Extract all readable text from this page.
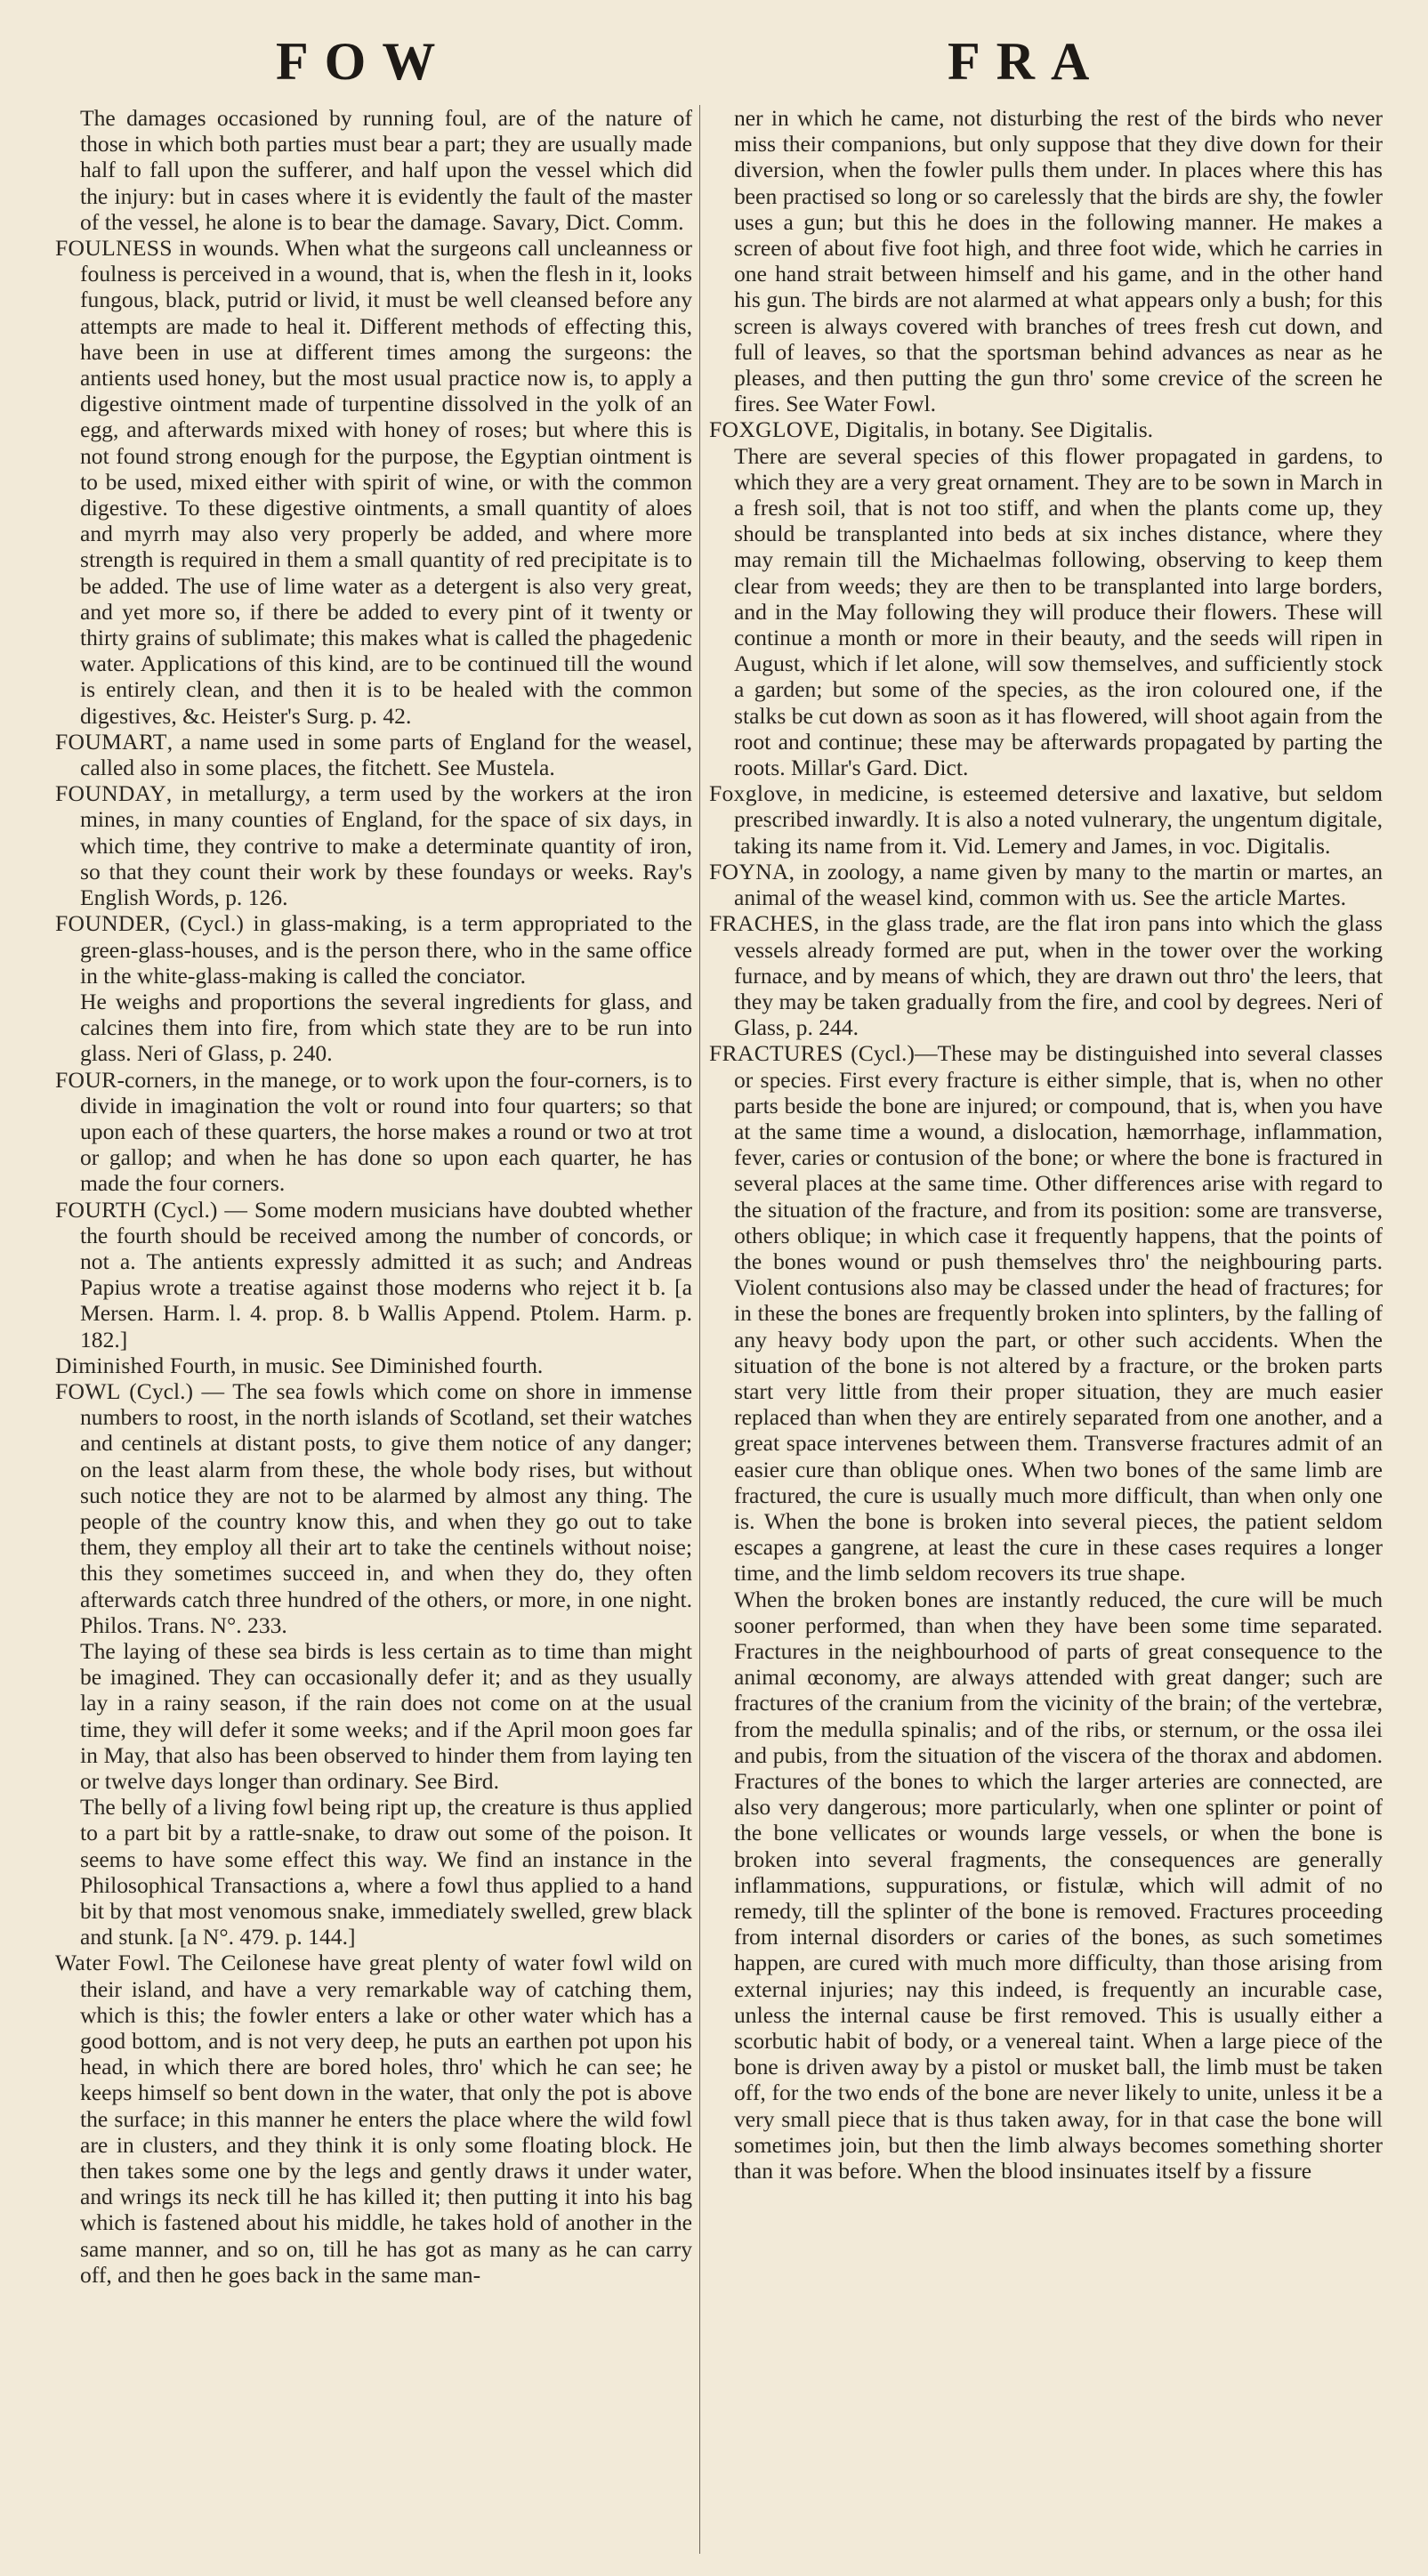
FOW	FRA

The damages occasioned by running foul, are of the nature of those in which both parties must bear a part; they are usually made half to fall upon the sufferer, and half upon the vessel which did the injury: but in cases where it is evidently the fault of the master of the vessel, he alone is to bear the damage. Savary, Dict. Comm.

FOULNESS in wounds. When what the surgeons call uncleanness or foulness is perceived in a wound, that is, when the flesh in it, looks fungous, black, putrid or livid, it must be well cleansed before any attempts are made to heal it. Different methods of effecting this, have been in use at different times among the surgeons: the antients used honey, but the most usual practice now is, to apply a digestive ointment made of turpentine dissolved in the yolk of an egg, and afterwards mixed with honey of roses; but where this is not found strong enough for the purpose, the Egyptian ointment is to be used, mixed either with spirit of wine, or with the common digestive. To these digestive ointments, a small quantity of aloes and myrrh may also very properly be added, and where more strength is required in them a small quantity of red precipitate is to be added. The use of lime water as a detergent is also very great, and yet more so, if there be added to every pint of it twenty or thirty grains of sublimate; this makes what is called the phagedenic water. Applications of this kind, are to be continued till the wound is entirely clean, and then it is to be healed with the common digestives, &c. Heister's Surg. p. 42.

FOUMART, a name used in some parts of England for the weasel, called also in some places, the fitchett. See Mustela.

FOUNDAY, in metallurgy, a term used by the workers at the iron mines, in many counties of England, for the space of six days, in which time, they contrive to make a determinate quantity of iron, so that they count their work by these foundays or weeks. Ray's English Words, p. 126.

FOUNDER, (Cycl.) in glass-making, is a term appropriated to the green-glass-houses, and is the person there, who in the same office in the white-glass-making is called the conciator.

He weighs and proportions the several ingredients for glass, and calcines them into fire, from which state they are to be run into glass. Neri of Glass, p. 240.

FOUR-corners, in the manege, or to work upon the four-corners, is to divide in imagination the volt or round into four quarters; so that upon each of these quarters, the horse makes a round or two at trot or gallop; and when he has done so upon each quarter, he has made the four corners.

FOURTH (Cycl.) — Some modern musicians have doubted whether the fourth should be received among the number of concords, or not a. The antients expressly admitted it as such; and Andreas Papius wrote a treatise against those moderns who reject it b. [a Mersen. Harm. l. 4. prop. 8. b Wallis Append. Ptolem. Harm. p. 182.]

Diminished Fourth, in music. See Diminished fourth.

FOWL (Cycl.) — The sea fowls which come on shore in immense numbers to roost, in the north islands of Scotland, set their watches and centinels at distant posts, to give them notice of any danger; on the least alarm from these, the whole body rises, but without such notice they are not to be alarmed by almost any thing. The people of the country know this, and when they go out to take them, they employ all their art to take the centinels without noise; this they sometimes succeed in, and when they do, they often afterwards catch three hundred of the others, or more, in one night. Philos. Trans. N°. 233.

The laying of these sea birds is less certain as to time than might be imagined. They can occasionally defer it; and as they usually lay in a rainy season, if the rain does not come on at the usual time, they will defer it some weeks; and if the April moon goes far in May, that also has been observed to hinder them from laying ten or twelve days longer than ordinary. See Bird.

The belly of a living fowl being ript up, the creature is thus applied to a part bit by a rattle-snake, to draw out some of the poison. It seems to have some effect this way. We find an instance in the Philosophical Transactions a, where a fowl thus applied to a hand bit by that most venomous snake, immediately swelled, grew black and stunk. [a N°. 479. p. 144.]

Water Fowl. The Ceilonese have great plenty of water fowl wild on their island, and have a very remarkable way of catching them, which is this; the fowler enters a lake or other water which has a good bottom, and is not very deep, he puts an earthen pot upon his head, in which there are bored holes, thro' which he can see; he keeps himself so bent down in the water, that only the pot is above the surface; in this manner he enters the place where the wild fowl are in clusters, and they think it is only some floating block. He then takes some one by the legs and gently draws it under water, and wrings its neck till he has killed it; then putting it into his bag which is fastened about his middle, he takes hold of another in the same manner, and so on, till he has got as many as he can carry off, and then he goes back in the same man-

ner in which he came, not disturbing the rest of the birds who never miss their companions, but only suppose that they dive down for their diversion, when the fowler pulls them under. In places where this has been practised so long or so carelessly that the birds are shy, the fowler uses a gun; but this he does in the following manner. He makes a screen of about five foot high, and three foot wide, which he carries in one hand strait between himself and his game, and in the other hand his gun. The birds are not alarmed at what appears only a bush; for this screen is always covered with branches of trees fresh cut down, and full of leaves, so that the sportsman behind advances as near as he pleases, and then putting the gun thro' some crevice of the screen he fires. See Water Fowl.

FOXGLOVE, Digitalis, in botany. See Digitalis.

There are several species of this flower propagated in gardens, to which they are a very great ornament. They are to be sown in March in a fresh soil, that is not too stiff, and when the plants come up, they should be transplanted into beds at six inches distance, where they may remain till the Michaelmas following, observing to keep them clear from weeds; they are then to be transplanted into large borders, and in the May following they will produce their flowers. These will continue a month or more in their beauty, and the seeds will ripen in August, which if let alone, will sow themselves, and sufficiently stock a garden; but some of the species, as the iron coloured one, if the stalks be cut down as soon as it has flowered, will shoot again from the root and continue; these may be afterwards propagated by parting the roots. Millar's Gard. Dict.

Foxglove, in medicine, is esteemed detersive and laxative, but seldom prescribed inwardly. It is also a noted vulnerary, the ungentum digitale, taking its name from it. Vid. Lemery and James, in voc. Digitalis.

FOYNA, in zoology, a name given by many to the martin or martes, an animal of the weasel kind, common with us. See the article Martes.

FRACHES, in the glass trade, are the flat iron pans into which the glass vessels already formed are put, when in the tower over the working furnace, and by means of which, they are drawn out thro' the leers, that they may be taken gradually from the fire, and cool by degrees. Neri of Glass, p. 244.

FRACTURES (Cycl.)—These may be distinguished into several classes or species. First every fracture is either simple, that is, when no other parts beside the bone are injured; or compound, that is, when you have at the same time a wound, a dislocation, hæmorrhage, inflammation, fever, caries or contusion of the bone; or where the bone is fractured in several places at the same time. Other differences arise with regard to the situation of the fracture, and from its position: some are transverse, others oblique; in which case it frequently happens, that the points of the bones wound or push themselves thro' the neighbouring parts. Violent contusions also may be classed under the head of fractures; for in these the bones are frequently broken into splinters, by the falling of any heavy body upon the part, or other such accidents. When the situation of the bone is not altered by a fracture, or the broken parts start very little from their proper situation, they are much easier replaced than when they are entirely separated from one another, and a great space intervenes between them. Transverse fractures admit of an easier cure than oblique ones. When two bones of the same limb are fractured, the cure is usually much more difficult, than when only one is. When the bone is broken into several pieces, the patient seldom escapes a gangrene, at least the cure in these cases requires a longer time, and the limb seldom recovers its true shape.

When the broken bones are instantly reduced, the cure will be much sooner performed, than when they have been some time separated. Fractures in the neighbourhood of parts of great consequence to the animal œconomy, are always attended with great danger; such are fractures of the cranium from the vicinity of the brain; of the vertebræ, from the medulla spinalis; and of the ribs, or sternum, or the ossa ilei and pubis, from the situation of the viscera of the thorax and abdomen. Fractures of the bones to which the larger arteries are connected, are also very dangerous; more particularly, when one splinter or point of the bone vellicates or wounds large vessels, or when the bone is broken into several fragments, the consequences are generally inflammations, suppurations, or fistulæ, which will admit of no remedy, till the splinter of the bone is removed. Fractures proceeding from internal disorders or caries of the bones, as such sometimes happen, are cured with much more difficulty, than those arising from external injuries; nay this indeed, is frequently an incurable case, unless the internal cause be first removed. This is usually either a scorbutic habit of body, or a venereal taint. When a large piece of the bone is driven away by a pistol or musket ball, the limb must be taken off, for the two ends of the bone are never likely to unite, unless it be a very small piece that is thus taken away, for in that case the bone will sometimes join, but then the limb always becomes something shorter than it was before. When the blood insinuates itself by a fissure
